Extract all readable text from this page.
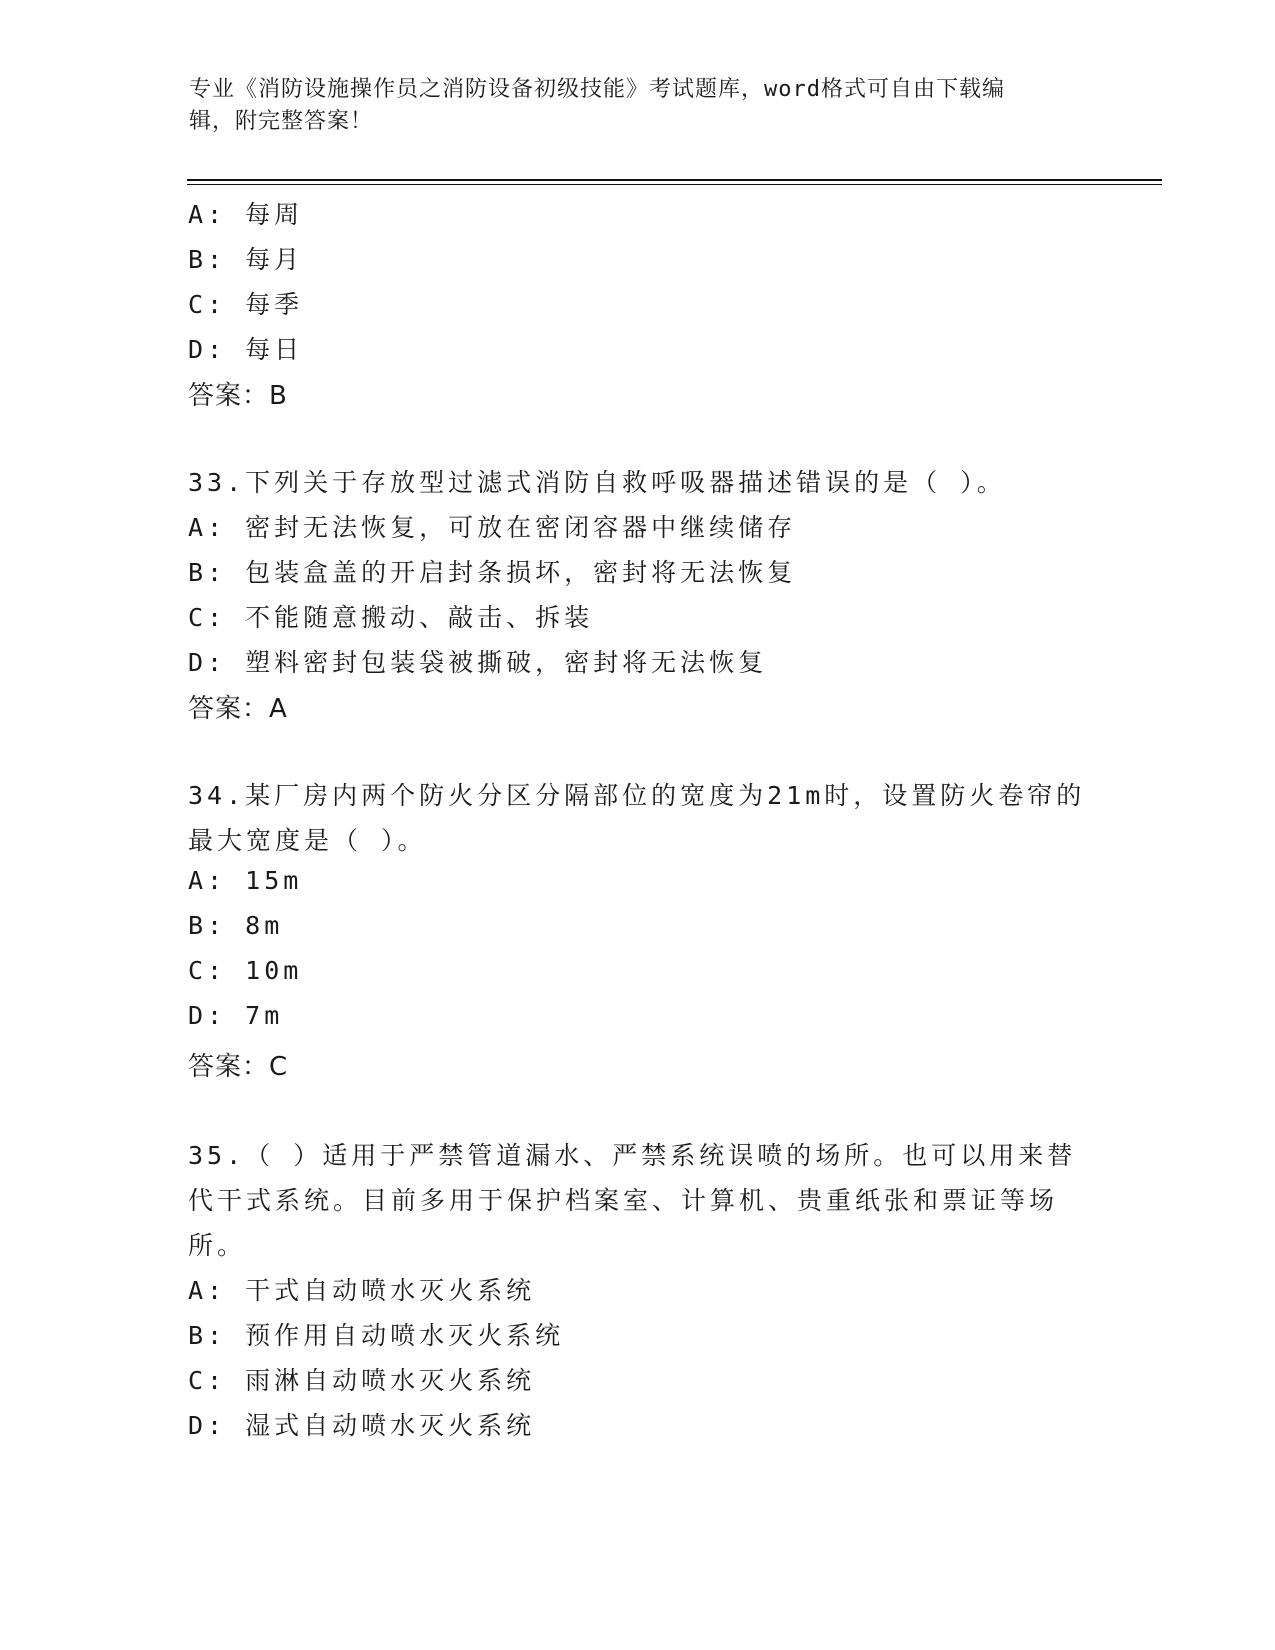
专业《消防设施操作员之消防设备初级技能》考试题库，word格式可自由下载编
辑，附完整答案！
A: 每周
B: 每月
C: 每季
D: 每日
答案：B
33.下列关于存放型过滤式消防自救呼吸器描述错误的是（ ）。
A: 密封无法恢复，可放在密闭容器中继续储存
B: 包装盒盖的开启封条损坏，密封将无法恢复
C: 不能随意搬动、敲击、拆装
D: 塑料密封包装袋被撕破，密封将无法恢复
答案：A
34.某厂房内两个防火分区分隔部位的宽度为21m时，设置防火卷帘的
最大宽度是（ ）。
A: 15m
B: 8m
C: 10m
D: 7m
答案：C
35.（ ）适用于严禁管道漏水、严禁系统误喷的场所。也可以用来替
代干式系统。目前多用于保护档案室、计算机、贵重纸张和票证等场
所。
A: 干式自动喷水灭火系统
B: 预作用自动喷水灭火系统
C: 雨淋自动喷水灭火系统
D: 湿式自动喷水灭火系统
